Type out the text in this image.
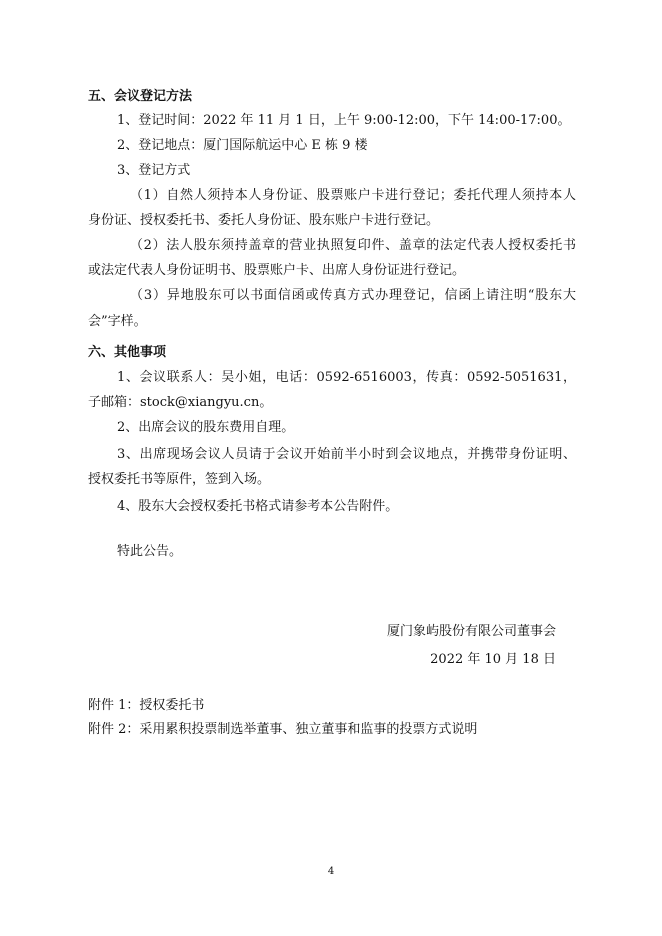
五、会议登记方法
1、登记时间：2022 年 11 月 1 日，上午 9:00-12:00，下午 14:00-17:00。
2、登记地点：厦门国际航运中心 E 栋 9 楼
3、登记方式
（1）自然人须持本人身份证、股票账户卡进行登记；委托代理人须持本人
身份证、授权委托书、委托人身份证、股东账户卡进行登记。
（2）法人股东须持盖章的营业执照复印件、盖章的法定代表人授权委托书
或法定代表人身份证明书、股票账户卡、出席人身份证进行登记。
（3）异地股东可以书面信函或传真方式办理登记，信函上请注明“股东大
会”字样。
六、其他事项
1、会议联系人：吴小姐，电话：0592-6516003，传真：0592-5051631，
子邮箱：stock@xiangyu.cn。
2、出席会议的股东费用自理。
3、出席现场会议人员请于会议开始前半小时到会议地点，并携带身份证明、
授权委托书等原件，签到入场。
4、股东大会授权委托书格式请参考本公告附件。
特此公告。
厦门象屿股份有限公司董事会
2022 年 10 月 18 日
附件 1：授权委托书
附件 2：采用累积投票制选举董事、独立董事和监事的投票方式说明
4
